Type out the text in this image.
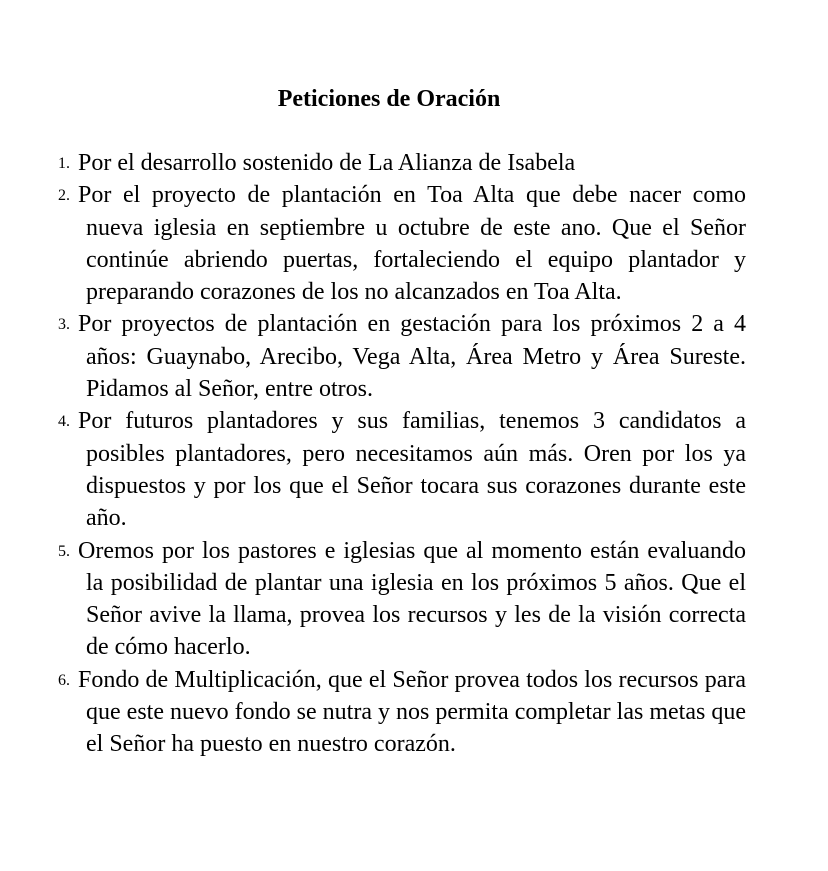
Peticiones de Oración
1. Por el desarrollo sostenido de La Alianza de Isabela
2. Por el proyecto de plantación en Toa Alta que debe nacer como nueva iglesia en septiembre u octubre de este ano. Que el Señor continúe abriendo puertas, fortaleciendo el equipo plantador y preparando corazones de los no alcanzados en Toa Alta.
3. Por proyectos de plantación en gestación para los próximos 2 a 4 años: Guaynabo, Arecibo, Vega Alta, Área Metro y Área Sureste. Pidamos al Señor, entre otros.
4. Por futuros plantadores y sus familias, tenemos 3 candidatos a posibles plantadores, pero necesitamos aún más. Oren por los ya dispuestos y por los que el Señor tocara sus corazones durante este año.
5. Oremos por los pastores e iglesias que al momento están evaluando la posibilidad de plantar una iglesia en los próximos 5 años. Que el Señor avive la llama, provea los recursos y les de la visión correcta de cómo hacerlo.
6. Fondo de Multiplicación, que el Señor provea todos los recursos para que este nuevo fondo se nutra y nos permita completar las metas que el Señor ha puesto en nuestro corazón.
